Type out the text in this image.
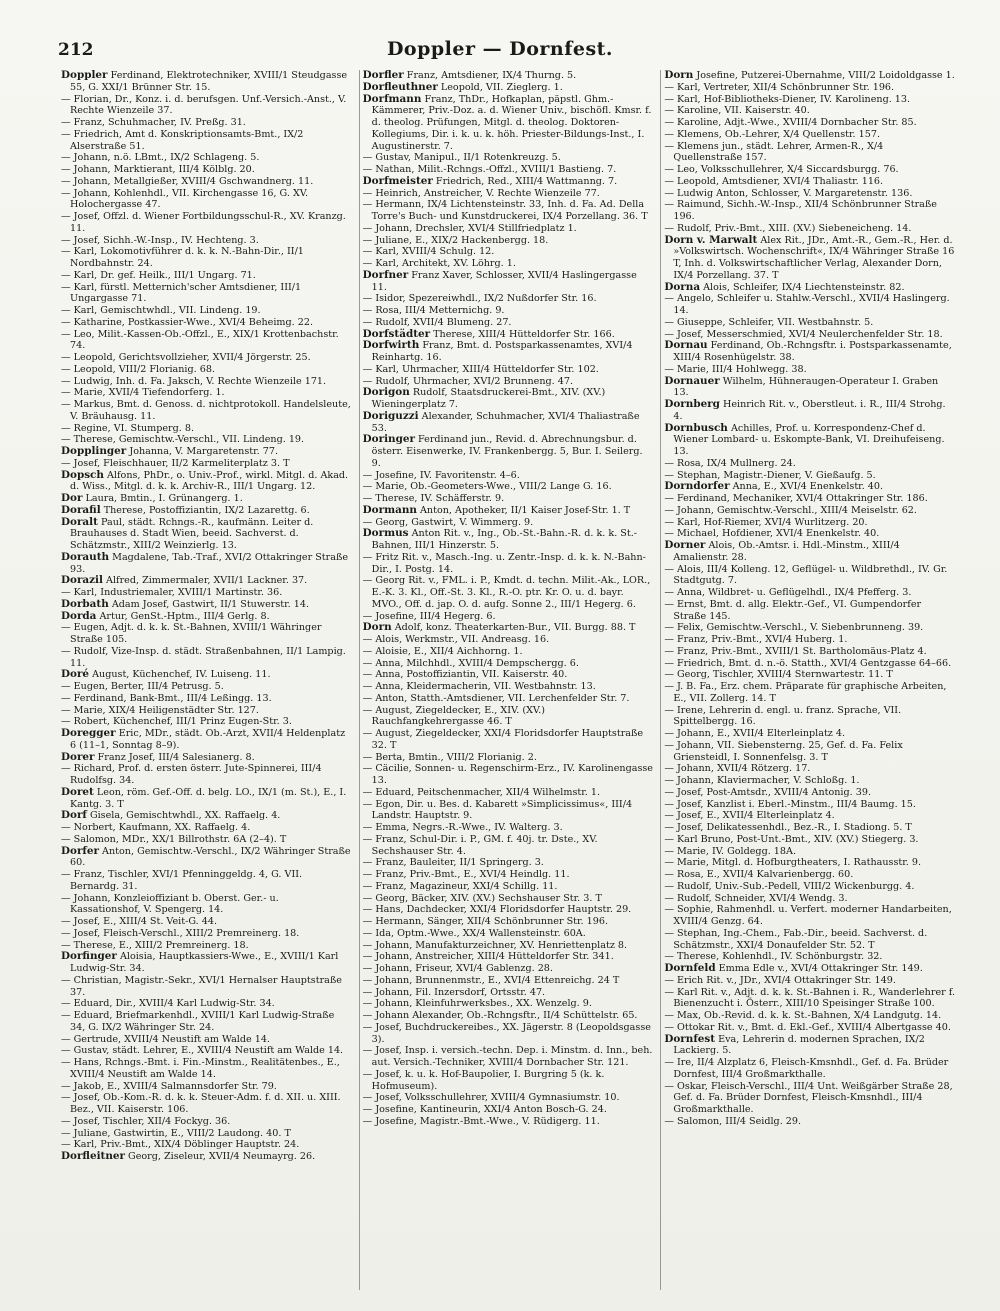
212	Doppler — Dornfest.
Doppler Ferdinand, Elektrotechniker, XVIII/1 Steudgasse 55, G. XXI/1 Brünner Str. 15.
— Florian, Dr., Konz. i. d. berufsgen. Unf.-Versich.-Anst., V. Rechte Wienzeile 37.
— Franz, Schuhmacher, IV. Preßg. 31.
— Friedrich, Amt d. Konskriptionsamts-Bmt., IX/2 Alserstraße 51.
— Johann, n.ö. LBmt., IX/2 Schlageng. 5.
— Johann, Marktierant, III/4 Kölblg. 20.
— Johann, Metallgießer, XVIII/4 Gschwandnerg. 11.
— Johann, Kohlenhdl., VII. Kirchengasse 16, G. XV. Holochergasse 47.
— Josef, Offzl. d. Wiener Fortbildungsschul-R., XV. Kranzg. 11.
— Josef, Sichh.-W.-Insp., IV. Hechteng. 3.
— Karl, Lokomotivführer d. k. k. N.-Bahn-Dir., II/1 Nordbahnstr. 24.
— Karl, Dr. gef. Heilk., III/1 Ungarg. 71.
— Karl, fürstl. Metternich'scher Amtsdiener, III/1 Ungargasse 71.
— Karl, Gemischtwhdl., VII. Lindeng. 19.
— Katharine, Postkassier-Wwe., XVI/4 Beheimg. 22.
— Leo, Milit.-Kassen-Ob.-Offzl., E., XIX/1 Krottenbachstr. 74.
— Leopold, Gerichtsvollzieher, XVII/4 Jörgerstr. 25.
— Leopold, VIII/2 Florianig. 68.
— Ludwig, Inh. d. Fa. Jaksch, V. Rechte Wienzeile 171.
— Marie, XVII/4 Tiefendorferg. 1.
— Markus, Bmt. d. Genoss. d. nichtprotokoll. Handelsleute, V. Bräuhausg. 11.
— Regine, VI. Stumperg. 8.
— Therese, Gemischtw.-Verschl., VII. Lindeng. 19.
Dopplinger Johanna, V. Margaretenstr. 77.
— Josef, Fleischhauer, II/2 Karmeliterplatz 3. T
Dopsch Alfons, PhDr., o. Univ.-Prof., wirkl. Mitgl. d. Akad. d. Wiss., Mitgl. d. k. k. Archiv-R., III/1 Ungarg. 12.
Dor Laura, Bmtin., I. Grünangerg. 1.
Dorafil Therese, Postoffiziantin, IX/2 Lazarettg. 6.
Doralt Paul, städt. Rchngs.-R., kaufmänn. Leiter d. Brauhauses d. Stadt Wien, beeid. Sachverst. d. Schätzmstr., XIII/2 Weinzierlg. 13.
Dorauth Magdalene, Tab.-Traf., XVI/2 Ottakringer Straße 93.
Dorazil Alfred, Zimmermaler, XVII/1 Lackner. 37.
— Karl, Industriemaler, XVIII/1 Martinstr. 36.
Dorbath Adam Josef, Gastwirt, II/1 Stuwerstr. 14.
Dorda Artur, GenSt.-Hptm., III/4 Gerlg. 8.
— Eugen, Adjt. d. k. k. St.-Bahnen, XVIII/1 Währinger Straße 105.
— Rudolf, Vize-Insp. d. städt. Straßenbahnen, II/1 Lampig. 11.
Doré August, Küchenchef, IV. Luiseng. 11.
— Eugen, Berter, III/4 Petrusg. 5.
— Ferdinand, Bank-Bmt., III/4 Leßingg. 13.
— Marie, XIX/4 Heiligenstädter Str. 127.
— Robert, Küchenchef, III/1 Prinz Eugen-Str. 3.
Doregger Eric, MDr., städt. Ob.-Arzt, XVII/4 Heldenplatz 6 (11–1, Sonntag 8–9).
Dorer Franz Josef, III/4 Salesianerg. 8.
— Richard, Prof. d. ersten österr. Jute-Spinnerei, III/4 Rudolfsg. 34.
Doret Leon, röm. Gef.-Off. d. belg. LO., IX/1 (m. St.), E., I. Kantg. 3. T
Dorf Gisela, Gemischtwhdl., XX. Raffaelg. 4.
— Norbert, Kaufmann, XX. Raffaelg. 4.
— Salomon, MDr., XX/1 Billrothstr. 6A (2–4). T
Dorfer Anton, Gemischtw.-Verschl., IX/2 Währinger Straße 60.
— Franz, Tischler, XVI/1 Pfenninggeldg. 4, G. VII. Bernardg. 31.
— Johann, Konzleioffiziant b. Oberst. Ger.- u. Kassationshof, V. Spengerg. 14.
— Josef, E., XIII/4 St. Veit-G. 44.
— Josef, Fleisch-Verschl., XIII/2 Premreinerg. 18.
— Therese, E., XIII/2 Premreinerg. 18.
Dorfinger Aloisia, Hauptkassiers-Wwe., E., XVIII/1 Karl Ludwig-Str. 34.
— Christian, Magistr.-Sekr., XVI/1 Hernalser Hauptstraße 37.
— Eduard, Dir., XVIII/4 Karl Ludwig-Str. 34.
— Eduard, Briefmarkenhdl., XVIII/1 Karl Ludwig-Straße 34, G. IX/2 Währinger Str. 24.
— Gertrude, XVIII/4 Neustift am Walde 14.
— Gustav, städt. Lehrer, E., XVIII/4 Neustift am Walde 14.
— Hans, Rchngs.-Bmt. i. Fin.-Minstm., Realitätenbes., E., XVIII/4 Neustift am Walde 14.
— Jakob, E., XVIII/4 Salmannsdorfer Str. 79.
— Josef, Ob.-Kom.-R. d. k. k. Steuer-Adm. f. d. XII. u. XIII. Bez., VII. Kaiserstr. 106.
— Josef, Tischler, XII/4 Fockyg. 36.
— Juliane, Gastwirtin, E., VIII/2 Laudong. 40. T
— Karl, Priv.-Bmt., XIX/4 Döblinger Hauptstr. 24.
Dorfleitner Georg, Ziseleur, XVII/4 Neumayrg. 26.
Dorfler Franz, Amtsdiener, IX/4 Thurng. 5.
Dorfleuthner Leopold, VII. Zieglerg. 1.
Dorfmann Franz, ThDr., Hofkaplan, päpstl. Ghm.-Kämmerer, Priv.-Doz. a. d. Wiener Univ., bischöfl. Kmsr. f. d. theolog. Prüfungen, Mitgl. d. theolog. Doktoren-Kollegiums, Dir. i. k. u. k. höh. Priester-Bildungs-Inst., I. Augustinerstr. 7.
— Gustav, Manipul., II/1 Rotenkreuzg. 5.
— Nathan, Milit.-Rchngs.-Offzl., XVIII/1 Bastieng. 7.
Dorfmeister Friedrich, Red., XIII/4 Wattmanng. 7.
— Heinrich, Anstreicher, V. Rechte Wienzeile 77.
— Hermann, IX/4 Lichtensteinstr. 33, Inh. d. Fa. Ad. Della Torre's Buch- und Kunstdruckerei, IX/4 Porzellang. 36. T
— Johann, Drechsler, XVI/4 Stillfriedplatz 1.
— Juliane, E., XIX/2 Hackenbergg. 18.
— Karl, XVIII/4 Schulg. 12.
— Karl, Architekt, XV. Löhrg. 1.
Dorfner Franz Xaver, Schlosser, XVII/4 Haslingergasse 11.
— Isidor, Spezereiwhdl., IX/2 Nußdorfer Str. 16.
— Rosa, III/4 Metternichg. 9.
— Rudolf, XVII/4 Blumeng. 27.
Dorfstädter Therese, XIII/4 Hütteldorfer Str. 166.
Dorfwirth Franz, Bmt. d. Postsparkassenamtes, XVI/4 Reinhartg. 16.
— Karl, Uhrmacher, XIII/4 Hütteldorfer Str. 102.
— Rudolf, Uhrmacher, XVI/2 Brunneng. 47.
Dorigon Rudolf, Staatsdruckerei-Bmt., XIV. (XV.) Wieningerplatz 7.
Doriguzzi Alexander, Schuhmacher, XVI/4 Thaliastraße 53.
Doringer Ferdinand jun., Revid. d. Abrechnungsbur. d. österr. Eisenwerke, IV. Frankenbergg. 5, Bur. I. Seilerg. 9.
— Josefine, IV. Favoritenstr. 4–6.
— Marie, Ob.-Geometers-Wwe., VIII/2 Lange G. 16.
— Therese, IV. Schäfferstr. 9.
Dormann Anton, Apotheker, II/1 Kaiser Josef-Str. 1. T
— Georg, Gastwirt, V. Wimmerg. 9.
Dormus Anton Rit. v., Ing., Ob.-St.-Bahn.-R. d. k. k. St.-Bahnen, III/1 Hinzerstr. 5.
— Fritz Rit. v., Masch.-Ing. u. Zentr.-Insp. d. k. k. N.-Bahn-Dir., I. Postg. 14.
— Georg Rit. v., FML. i. P., Kmdt. d. techn. Milit.-Ak., LOR., E.-K. 3. Kl., Off.-St. 3. Kl., R.-O. ptr. Kr. O. u. d. bayr. MVO., Off. d. jap. O. d. aufg. Sonne 2., III/1 Hegerg. 6.
— Josefine, III/4 Hegerg. 6.
Dorn Adolf, konz. Theaterkarten-Bur., VII. Burgg. 88. T
— Alois, Werkmstr., VII. Andreasg. 16.
— Aloisie, E., XII/4 Aichhorng. 1.
— Anna, Milchhdl., XVIII/4 Dempschergg. 6.
— Anna, Postoffiziantin, VII. Kaiserstr. 40.
— Anna, Kleidermacherin, VII. Westbahnstr. 13.
— Anton, Statth.-Amtsdiener, VII. Lerchenfelder Str. 7.
— August, Ziegeldecker, E., XIV. (XV.) Rauchfangkehrergasse 46. T
— August, Ziegeldecker, XXI/4 Floridsdorfer Hauptstraße 32. T
— Berta, Bmtin., VIII/2 Florianig. 2.
— Cäcilie, Sonnen- u. Regenschirm-Erz., IV. Karolinengasse 13.
— Eduard, Peitschenmacher, XII/4 Wilhelmstr. 1.
— Egon, Dir. u. Bes. d. Kabarett »Simplicissimus«, III/4 Landstr. Hauptstr. 9.
— Emma, Negrs.-R.-Wwe., IV. Walterg. 3.
— Franz, Schul-Dir. i. P., GM. f. 40j. tr. Dste., XV. Sechshauser Str. 4.
— Franz, Bauleiter, II/1 Springerg. 3.
— Franz, Priv.-Bmt., E., XVI/4 Heindlg. 11.
— Franz, Magazineur, XXI/4 Schillg. 11.
— Georg, Bäcker, XIV. (XV.) Sechshauser Str. 3. T
— Hans, Dachdecker, XXI/4 Floridsdorfer Hauptstr. 29.
— Hermann, Sänger, XII/4 Schönbrunner Str. 196.
— Ida, Optm.-Wwe., XX/4 Wallensteinstr. 60A.
— Johann, Manufakturzeichner, XV. Henriettenplatz 8.
— Johann, Anstreicher, XIII/4 Hütteldorfer Str. 341.
— Johann, Friseur, XVI/4 Gablenzg. 28.
— Johann, Brunnenmstr., E., XVI/4 Ettenreichg. 24 T
— Johann, Fil. Inzersdorf, Ortsstr. 47.
— Johann, Kleinfuhrwerksbes., XX. Wenzelg. 9.
— Johann Alexander, Ob.-Rchngsftr., II/4 Schüttelstr. 65.
— Josef, Buchdruckereibes., XX. Jägerstr. 8 (Leopoldsgasse 3).
— Josef, Insp. i. versich.-techn. Dep. i. Minstm. d. Inn., beh. aut. Versich.-Techniker, XVIII/4 Dornbacher Str. 121.
— Josef, k. u. k. Hof-Baupolier, I. Burgring 5 (k. k. Hofmuseum).
— Josef, Volksschullehrer, XVIII/4 Gymnasiumstr. 10.
— Josefine, Kantineurin, XXI/4 Anton Bosch-G. 24.
— Josefine, Magistr.-Bmt.-Wwe., V. Rüdigerg. 11.
Dorn Josefine, Putzerei-Übernahme, VIII/2 Loidoldgasse 1.
— Karl, Vertreter, XII/4 Schönbrunner Str. 196.
— Karl, Hof-Bibliotheks-Diener, IV. Karolineng. 13.
— Karoline, VII. Kaiserstr. 40.
— Karoline, Adjt.-Wwe., XVIII/4 Dornbacher Str. 85.
— Klemens, Ob.-Lehrer, X/4 Quellenstr. 157.
— Klemens jun., städt. Lehrer, Armen-R., X/4 Quellenstraße 157.
— Leo, Volksschullehrer, X/4 Siccardsburgg. 76.
— Leopold, Amtsdiener, XVI/4 Thaliastr. 116.
— Ludwig Anton, Schlosser, V. Margaretenstr. 136.
— Raimund, Sichh.-W.-Insp., XII/4 Schönbrunner Straße 196.
— Rudolf, Priv.-Bmt., XIII. (XV.) Siebeneicheng. 14.
Dorn v. Marwalt Alex Rit., JDr., Amt.-R., Gem.-R., Her. d. »Volkswirtsch. Wochenschrift«, IX/4 Währinger Straße 16 T, Inh. d. Volkswirtschaftlicher Verlag, Alexander Dorn, IX/4 Porzellang. 37. T
Dorna Alois, Schleifer, IX/4 Liechtensteinstr. 82.
— Angelo, Schleifer u. Stahlw.-Verschl., XVII/4 Haslingerg. 14.
— Giuseppe, Schleifer, VII. Westbahnstr. 5.
— Josef, Messerschmied, XVI/4 Neulerchenfelder Str. 18.
Dornau Ferdinand, Ob.-Rchngsftr. i. Postsparkassenamte, XIII/4 Rosenhügelstr. 38.
— Marie, III/4 Hohlwegg. 38.
Dornauer Wilhelm, Hühneraugen-Operateur I. Graben 13.
Dornberg Heinrich Rit. v., Oberstleut. i. R., III/4 Strohg. 4.
Dornbusch Achilles, Prof. u. Korrespondenz-Chef d. Wiener Lombard- u. Eskompte-Bank, VI. Dreihufeiseng. 13.
— Rosa, IX/4 Mullnerg. 24.
— Stephan, Magistr.-Diener, V. Gießaufg. 5.
Dorndorfer Anna, E., XVI/4 Enenkelstr. 40.
— Ferdinand, Mechaniker, XVI/4 Ottakringer Str. 186.
— Johann, Gemischtw.-Verschl., XIII/4 Meiselstr. 62.
— Karl, Hof-Riemer, XVI/4 Wurlitzerg. 20.
— Michael, Hofdiener, XVI/4 Enenkelstr. 40.
Dorner Alois, Ob.-Amtsr. i. Hdl.-Minstm., XIII/4 Amalienstr. 28.
— Alois, III/4 Kolleng. 12, Geflügel- u. Wildbrethdl., IV. Gr. Stadtgutg. 7.
— Anna, Wildbret- u. Geflügelhdl., IX/4 Pfefferg. 3.
— Ernst, Bmt. d. allg. Elektr.-Gef., VI. Gumpendorfer Straße 145.
— Felix, Gemischtw.-Verschl., V. Siebenbrunneng. 39.
— Franz, Priv.-Bmt., XVI/4 Huberg. 1.
— Franz, Priv.-Bmt., XVIII/1 St. Bartholomäus-Platz 4.
— Friedrich, Bmt. d. n.-ö. Statth., XVI/4 Gentzgasse 64–66.
— Georg, Tischler, XVIII/4 Sternwartestr. 11. T
— J. B. Fa., Erz. chem. Präparate für graphische Arbeiten, E., VII. Zollerg. 14. T
— Irene, Lehrerin d. engl. u. franz. Sprache, VII. Spittelbergg. 16.
— Johann, E., XVII/4 Elterleinplatz 4.
— Johann, VII. Siebensterng. 25, Gef. d. Fa. Felix Griensteidl, I. Sonnenfelsg. 3. T
— Johann, XVII/4 Rötzerg. 17.
— Johann, Klaviermacher, V. Schloßg. 1.
— Josef, Post-Amtsdr., XVIII/4 Antonig. 39.
— Josef, Kanzlist i. Eberl.-Minstm., III/4 Baumg. 15.
— Josef, E., XVII/4 Elterleinplatz 4.
— Josef, Delikatessenhdl., Bez.-R., I. Stadiong. 5. T
— Karl Bruno, Post-Unt.-Bmt., XIV. (XV.) Stiegerg. 3.
— Marie, IV. Goldegg. 18A.
— Marie, Mitgl. d. Hofburgtheaters, I. Rathausstr. 9.
— Rosa, E., XVII/4 Kalvarienbergg. 60.
— Rudolf, Univ.-Sub.-Pedell, VIII/2 Wickenburgg. 4.
— Rudolf, Schneider, XVI/4 Wendg. 3.
— Sophie, Rahmenhdl. u. Verfert. moderner Handarbeiten, XVIII/4 Genzg. 64.
— Stephan, Ing.-Chem., Fab.-Dir., beeid. Sachverst. d. Schätzmstr., XXI/4 Donaufelder Str. 52. T
— Therese, Kohlenhdl., IV. Schönburgstr. 32.
Dornfeld Emma Edle v., XVI/4 Ottakringer Str. 149.
— Erich Rit. v., JDr., XVI/4 Ottakringer Str. 149.
— Karl Rit. v., Adjt. d. k. k. St.-Bahnen i. R., Wanderlehrer f. Bienenzucht i. Österr., XIII/10 Speisinger Straße 100.
— Max, Ob.-Revid. d. k. k. St.-Bahnen, X/4 Landgutg. 14.
— Ottokar Rit. v., Bmt. d. Ekl.-Gef., XVIII/4 Albertgasse 40.
Dornfest Eva, Lehrerin d. modernen Sprachen, IX/2 Lackierg. 5.
— Ire, II/4 Alzplatz 6, Fleisch-Kmsnhdl., Gef. d. Fa. Brüder Dornfest, III/4 Großmarkthalle.
— Oskar, Fleisch-Verschl., III/4 Unt. Weißgärber Straße 28, Gef. d. Fa. Brüder Dornfest, Fleisch-Kmsnhdl., III/4 Großmarkthalle.
— Salomon, III/4 Seidlg. 29.
